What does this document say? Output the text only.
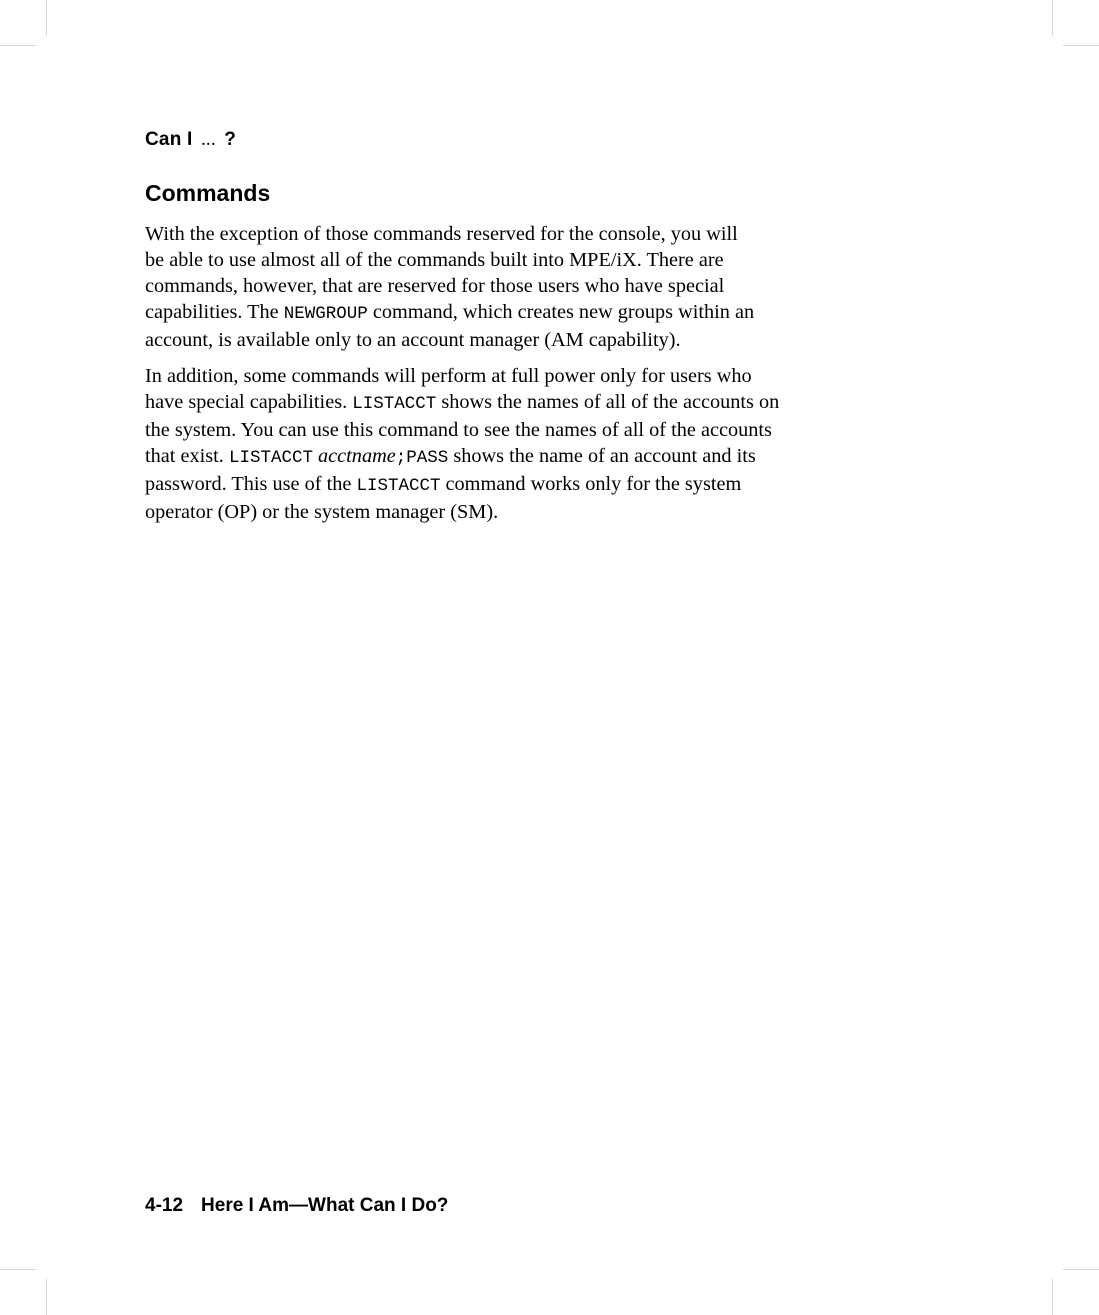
Can I ... ?
Commands
With the exception of those commands reserved for the console, you will
be able to use almost all of the commands built into MPE/iX. There are
commands, however, that are reserved for those users who have special
capabilities. The NEWGROUP command, which creates new groups within an
account, is available only to an account manager (AM capability).
In addition, some commands will perform at full power only for users who
have special capabilities. LISTACCT shows the names of all of the accounts on
the system. You can use this command to see the names of all of the accounts
that exist. LISTACCT acctname;PASS shows the name of an account and its
password. This use of the LISTACCT command works only for the system
operator (OP) or the system manager (SM).
4-12 Here I Am—What Can I Do?
